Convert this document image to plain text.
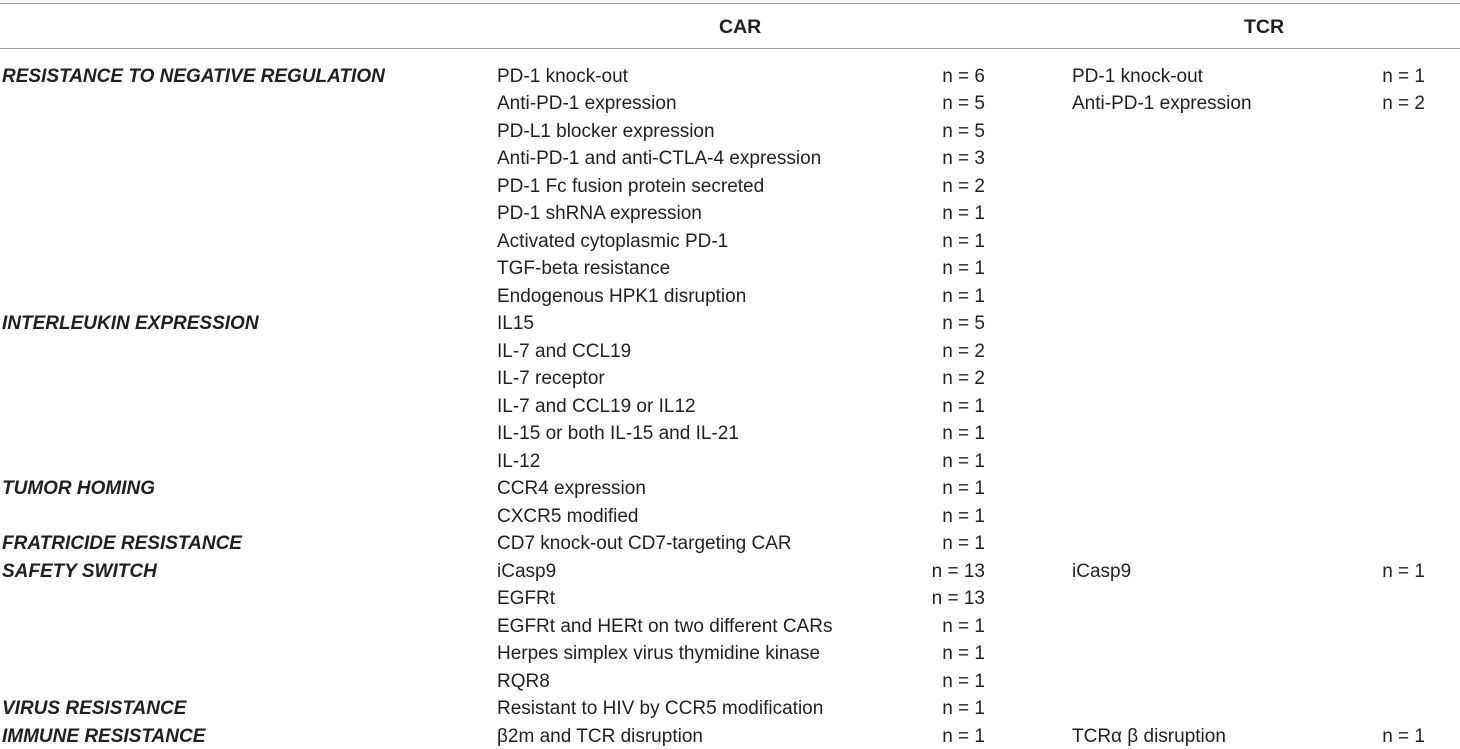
CAR	TCR
RESISTANCE TO NEGATIVE REGULATION	PD-1 knock-out	n = 6	PD-1 knock-out	n = 1
Anti-PD-1 expression	n = 5	Anti-PD-1 expression	n = 2
PD-L1 blocker expression	n = 5
Anti-PD-1 and anti-CTLA-4 expression	n = 3
PD-1 Fc fusion protein secreted	n = 2
PD-1 shRNA expression	n = 1
Activated cytoplasmic PD-1	n = 1
TGF-beta resistance	n = 1
Endogenous HPK1 disruption	n = 1
INTERLEUKIN EXPRESSION	IL15	n = 5
IL-7 and CCL19	n = 2
IL-7 receptor	n = 2
IL-7 and CCL19 or IL12	n = 1
IL-15 or both IL-15 and IL-21	n = 1
IL-12	n = 1
TUMOR HOMING	CCR4 expression	n = 1
CXCR5 modified	n = 1
FRATRICIDE RESISTANCE	CD7 knock-out CD7-targeting CAR	n = 1
SAFETY SWITCH	iCasp9	n = 13	iCasp9	n = 1
EGFRt	n = 13
EGFRt and HERt on two different CARs	n = 1
Herpes simplex virus thymidine kinase	n = 1
RQR8	n = 1
VIRUS RESISTANCE	Resistant to HIV by CCR5 modification	n = 1
IMMUNE RESISTANCE	β2m and TCR disruption	n = 1	TCRα β disruption	n = 1
